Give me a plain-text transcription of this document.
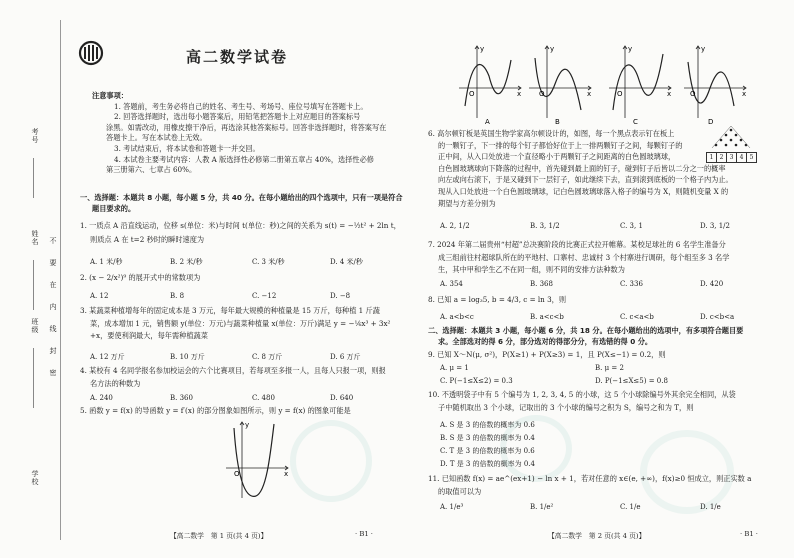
考号
姓名
班级
学校
不
要
在
内
线
封
密
高二数学试卷
注意事项：
1. 答题前，考生务必将自己的姓名、考生号、考场号、座位号填写在答题卡上。
2. 回答选择题时，选出每小题答案后，用铅笔把答题卡上对应题目的答案标号
涂黑。如需改动，用橡皮擦干净后，再选涂其他答案标号。回答非选择题时，将答案写在
答题卡上。写在本试卷上无效。
3. 考试结束后，将本试卷和答题卡一并交回。
4. 本试卷主要考试内容：人教 A 版选择性必修第二册第五章占 40%，选择性必修
第三册第六、七章占 60%。
一、选择题：本题共 8 小题，每小题 5 分，共 40 分。在每小题给出的四个选项中，只有一项是符合
题目要求的。
1. 一质点 A 沿直线运动，位移 s(单位：米)与时间 t(单位：秒)之间的关系为 s(t) = −½t² + 2ln t，
则质点 A 在 t=2 秒时的瞬时速度为
A. 1 米/秒	B. 2 米/秒	C. 3 米/秒	D. 4 米/秒
2. (x − 2/x²)⁹ 的展开式中的常数项为
A. 12	B. 8	C. −12	D. −8
3. 某蔬菜种植增每年的固定成本是 3 万元，每年最大规模的种植量是 15 万斤，每种植 1 斤蔬
菜，成本增加 1 元，销售额 y(单位：万元)与蔬菜种植量 x(单位：万斤)满足 y = −⅙x³ + 3x²
+x，要使利润最大，每年需种植蔬菜
A. 12 万斤	B. 10 万斤	C. 8 万斤	D. 6 万斤
4. 某校有 4 名同学报名参加校运会的六个比赛项目，若每项至多报一人，且每人只报一项，则报
名方法的种数为
A. 240	B. 360	C. 480	D. 640
5. 函数 y = f(x) 的导函数 y = f′(x) 的部分图象如图所示，则 y = f(x) 的图象可能是
O	x
y
【高二数学　第 1 页(共 4 页)】	· B1 ·
O
y
x
A
O
y
x
B
O
y
x
C
O
y
x
D
6. 高尔顿钉板是英国生物学家高尔顿设计的，如图，每一个黑点表示钉在板上
的一颗钉子，下一排的每个钉子都恰好位于上一排两颗钉子之间，每颗钉子的
正中间，从入口处放进一个直径略小于两颗钉子之间距离的白色圆玻璃球，
白色圆玻璃球向下降落的过程中，首先碰到最上面的钉子，碰到钉子后皆以二分之一的概率
向左或向右滚下，于是又碰到下一层钉子，如此继续下去，直到滚到底板的一个格子内为止。
现从入口处放进一个白色圆玻璃球，记白色圆玻璃球落入格子的编号为 X，则随机变量 X 的
期望与方差分别为
1	2	3	4	5
A. 2, 1/2	B. 3, 1/2	C. 3, 1	D. 3, 1/2
7. 2024 年第二届贵州“村超”总决赛阶段的比赛正式拉开帷幕。某校足球社的 6 名学生准备分
成三组前往村超球队所在的平地村、口寨村、忠诚村 3 个村寨进行调研，每个组至多 3 名学
生，其中甲和学生乙不在同一组，则不同的安排方法种数为
A. 354	B. 368	C. 336	D. 420
8. 已知 a = log₃5, b = 4/3, c = ln 3，则
A. a<b<c	B. a<c<b	C. c<a<b	D. c<b<a
二、选择题：本题共 3 小题，每小题 6 分，共 18 分。在每小题给出的选项中，有多项符合题目要
求。全部选对的得 6 分，部分选对的得部分分，有选错的得 0 分。
9. 已知 X～N(μ, σ²)，P(X≥1) + P(X≥3) = 1，且 P(X≤−1) = 0.2，则
A. μ = 1	B. μ = 2
C. P(−1≤X≤2) = 0.3	D. P(−1≤X≤5) = 0.8
10. 不透明袋子中有 5 个编号为 1, 2, 3, 4, 5 的小球，这 5 个小球除编号外其余完全相同，从袋
子中随机取出 3 个小球，记取出的 3 个小球的编号之积为 S，编号之和为 T，则
A. S 是 3 的倍数的概率为 0.6
B. S 是 3 的倍数的概率为 0.4
C. T 是 3 的倍数的概率为 0.6
D. T 是 3 的倍数的概率为 0.4
11. 已知函数 f(x) = ae^(ex+1) − ln x + 1，若对任意的 x∈(e, +∞)，f(x)≥0 恒成立，则正实数 a
的取值可以为
A. 1/e³	B. 1/e²	C. 1/e	D. 1/e
【高二数学　第 2 页(共 4 页)】	· B1 ·
